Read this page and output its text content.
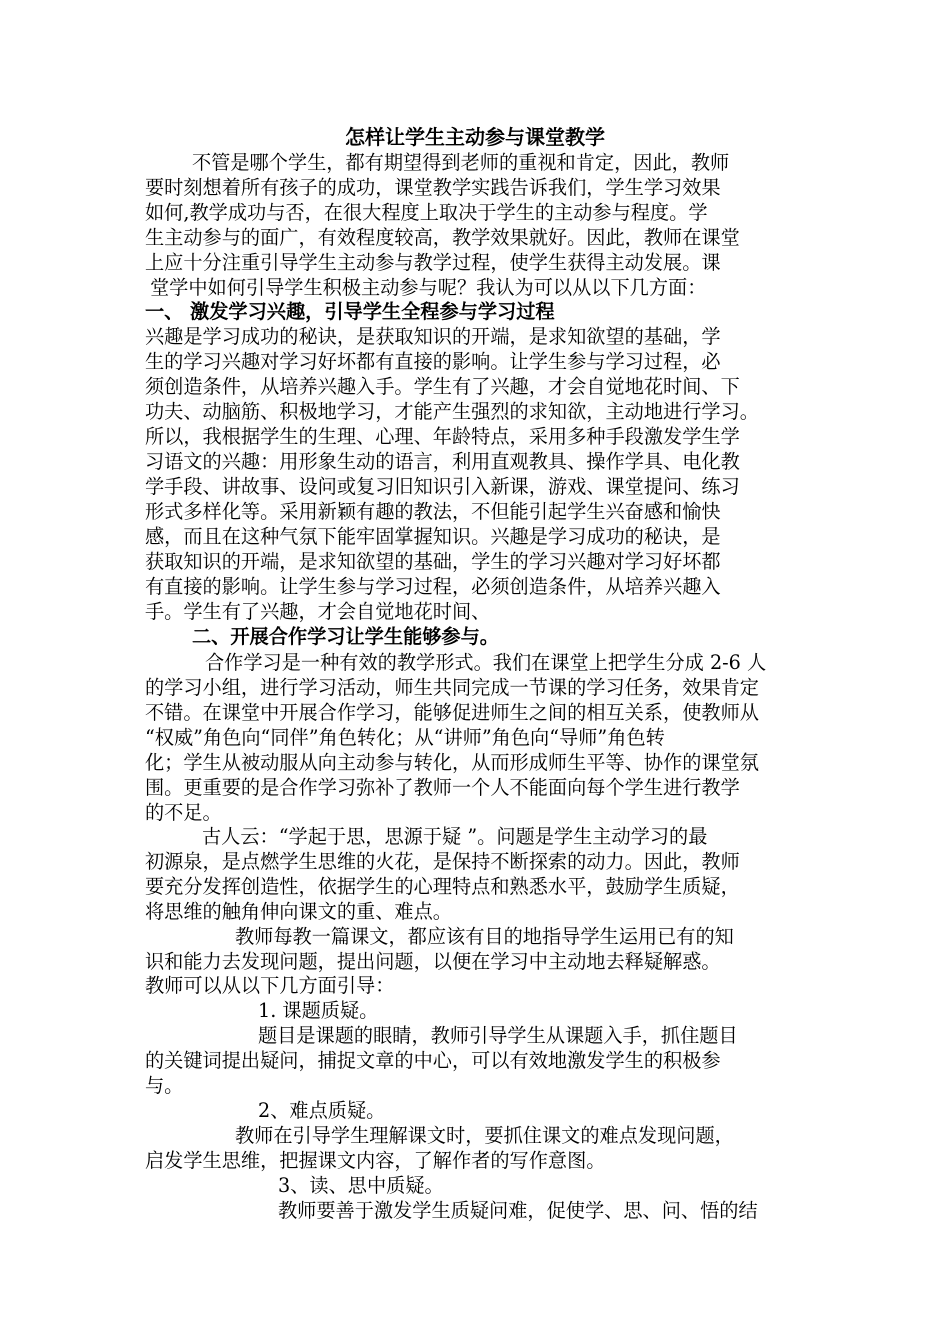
怎样让学生主动参与课堂教学
不管是哪个学生，都有期望得到老师的重视和肯定，因此，教师
要时刻想着所有孩子的成功，课堂教学实践告诉我们，学生学习效果
如何,教学成功与否，在很大程度上取决于学生的主动参与程度。学
生主动参与的面广，有效程度较高，教学效果就好。因此，教师在课堂
上应十分注重引导学生主动参与教学过程，使学生获得主动发展。课
堂学中如何引导学生积极主动参与呢？我认为可以从以下几方面：
一、 激发学习兴趣，引导学生全程参与学习过程
兴趣是学习成功的秘诀，是获取知识的开端，是求知欲望的基础，学
生的学习兴趣对学习好坏都有直接的影响。让学生参与学习过程，必
须创造条件，从培养兴趣入手。学生有了兴趣，才会自觉地花时间、下
功夫、动脑筋、积极地学习，才能产生强烈的求知欲，主动地进行学习。
所以，我根据学生的生理、心理、年龄特点，采用多种手段激发学生学
习语文的兴趣：用形象生动的语言，利用直观教具、操作学具、电化教
学手段、讲故事、设问或复习旧知识引入新课，游戏、课堂提问、练习
形式多样化等。采用新颖有趣的教法，不但能引起学生兴奋感和愉快
感，而且在这种气氛下能牢固掌握知识。兴趣是学习成功的秘诀，是
获取知识的开端，是求知欲望的基础，学生的学习兴趣对学习好坏都
有直接的影响。让学生参与学习过程，必须创造条件，从培养兴趣入
手。学生有了兴趣，才会自觉地花时间、
二、开展合作学习让学生能够参与。
合作学习是一种有效的教学形式。我们在课堂上把学生分成 2-6 人
的学习小组，进行学习活动，师生共同完成一节课的学习任务，效果肯定
不错。在课堂中开展合作学习，能够促进师生之间的相互关系，使教师从
“权威”角色向“同伴”角色转化；从“讲师”角色向“导师”角色转
化；学生从被动服从向主动参与转化，从而形成师生平等、协作的课堂氛
围。更重要的是合作学习弥补了教师一个人不能面向每个学生进行教学
的不足。
古人云：“学起于思，思源于疑 ”。问题是学生主动学习的最
初源泉，是点燃学生思维的火花，是保持不断探索的动力。因此，教师
要充分发挥创造性，依据学生的心理特点和熟悉水平，鼓励学生质疑，
将思维的触角伸向课文的重、难点。
教师每教一篇课文，都应该有目的地指导学生运用已有的知
识和能力去发现问题，提出问题，以便在学习中主动地去释疑解惑。
教师可以从以下几方面引导：
1. 课题质疑。
题目是课题的眼睛，教师引导学生从课题入手，抓住题目
的关键词提出疑问，捕捉文章的中心，可以有效地激发学生的积极参
与。
2、难点质疑。
教师在引导学生理解课文时，要抓住课文的难点发现问题，
启发学生思维，把握课文内容，了解作者的写作意图。
3、读、思中质疑。
教师要善于激发学生质疑问难，促使学、思、问、悟的结
